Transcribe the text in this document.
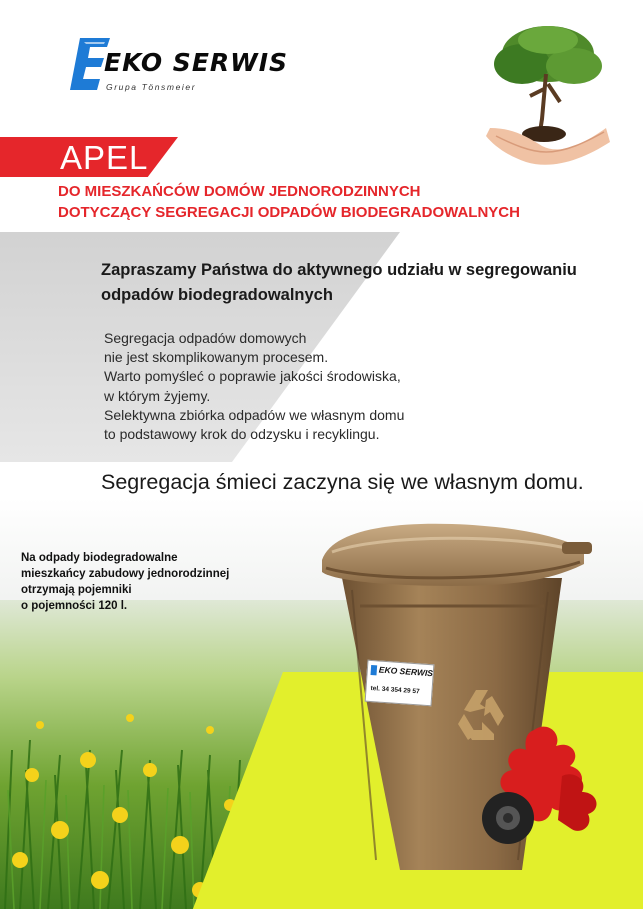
EKO SERWIS
Grupa Tönsmeier
APEL
DO MIESZKAŃCÓW DOMÓW JEDNORODZINNYCH
DOTYCZĄCY SEGREGACJI ODPADÓW BIODEGRADOWALNYCH
Zapraszamy Państwa do aktywnego udziału w segregowaniu
odpadów biodegradowalnych
Segregacja odpadów domowych
nie jest skomplikowanym procesem.
Warto pomyśleć o poprawie jakości środowiska,
w którym żyjemy.
Selektywna zbiórka odpadów we własnym domu
to podstawowy krok do odzysku i recyklingu.
Segregacja śmieci zaczyna się we własnym domu.
Na odpady biodegradowalne
mieszkańcy zabudowy jednorodzinnej
otrzymają pojemniki
o pojemności 120 l.
EKO SERWIS
tel. 34 354 29 57
